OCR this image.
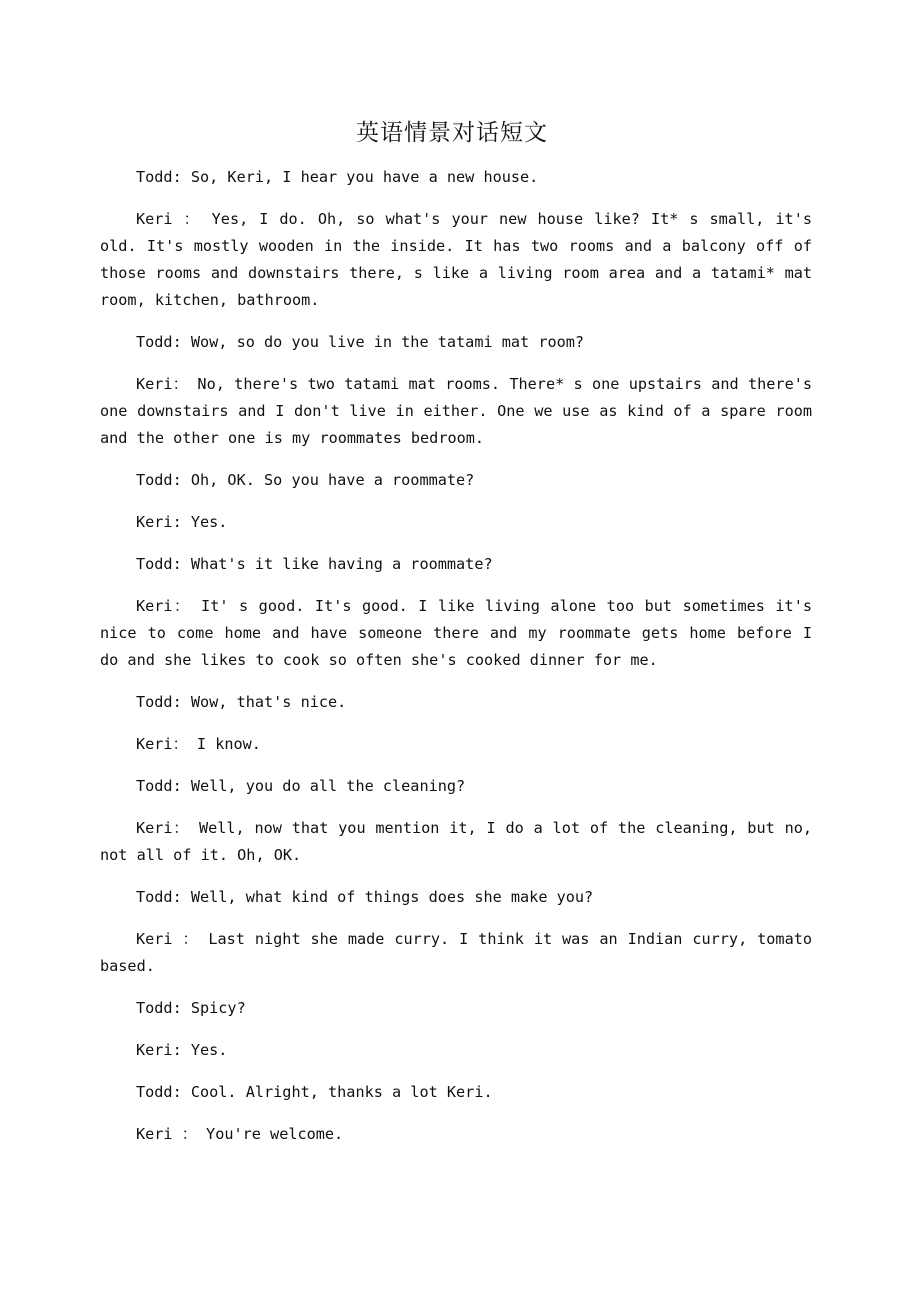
英语情景对话短文

Todd: So, Keri, I hear you have a new house.

Keri ： Yes, I do. Oh, so what's your new house like? It* s small, it's old. It's mostly wooden in the inside. It has two rooms and a balcony off of those rooms and downstairs there, s like a living room area and a tatami* mat room, kitchen, bathroom.

Todd: Wow, so do you live in the tatami mat room?

Keri： No, there's two tatami mat rooms. There* s one upstairs and there's one downstairs and I don't live in either. One we use as kind of a spare room and the other one is my roommates bedroom.

Todd: Oh, OK. So you have a roommate?

Keri: Yes.

Todd: What's it like having a roommate?

Keri： It' s good. It's good. I like living alone too but sometimes it's nice to come home and have someone there and my roommate gets home before I do and she likes to cook so often she's cooked dinner for me.

Todd: Wow, that's nice.

Keri： I know.

Todd: Well, you do all the cleaning?

Keri： Well, now that you mention it, I do a lot of the cleaning, but no, not all of it. Oh, OK.

Todd: Well, what kind of things does she make you?

Keri ： Last night she made curry. I think it was an Indian curry, tomato based.

Todd: Spicy?

Keri: Yes.

Todd: Cool. Alright, thanks a lot Keri.

Keri ： You're welcome.
